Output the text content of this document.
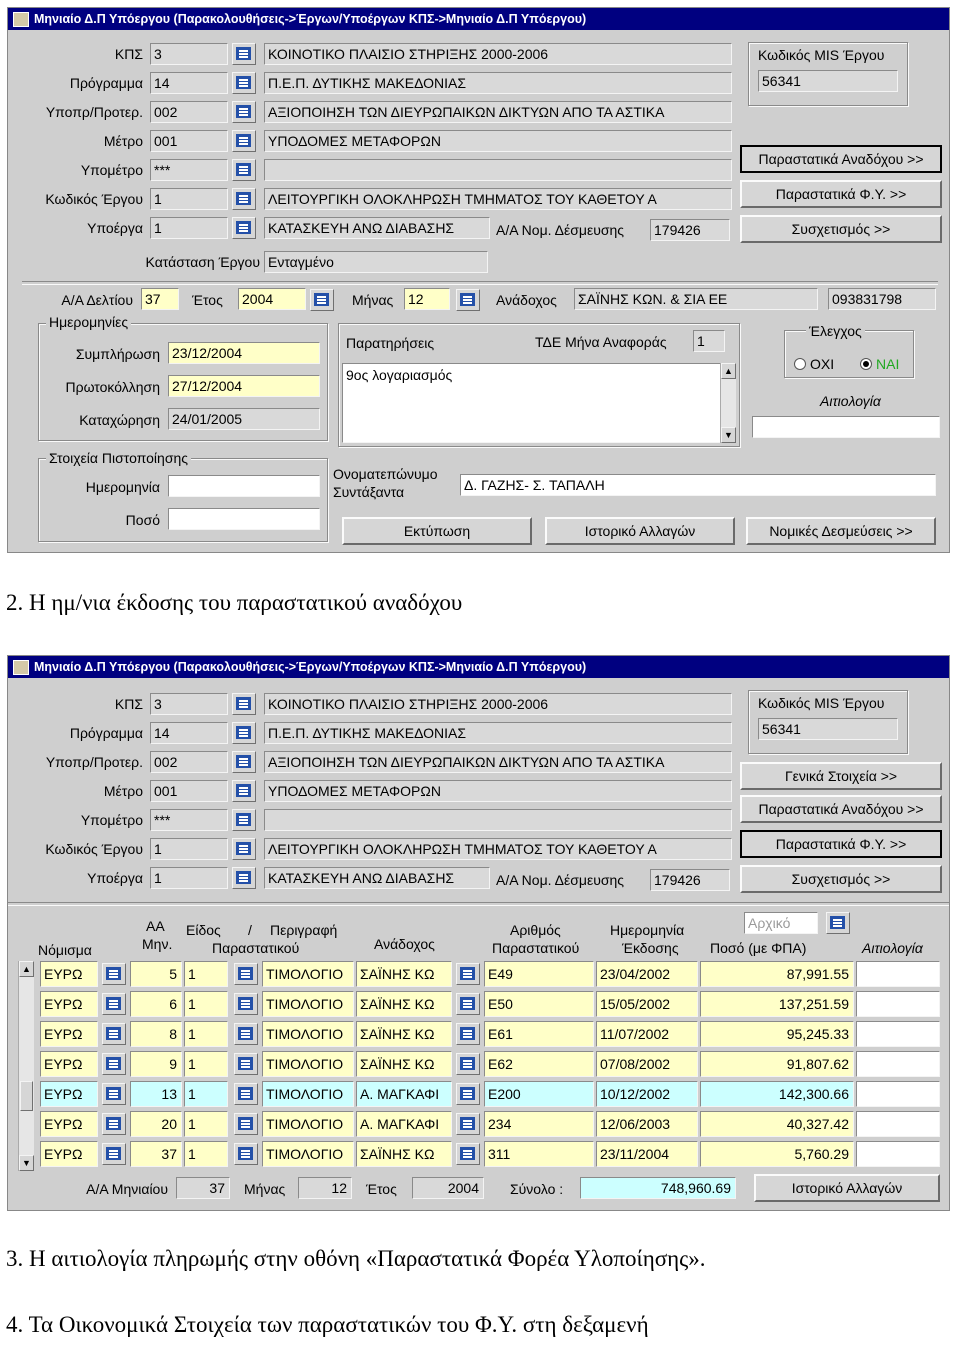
Μηνιαίο Δ.Π Υπόεργου (Παρακολουθήσεις->Έργων/Υποέργων ΚΠΣ->Μηνιαίο Δ.Π Υπόεργου)
ΚΠΣ 3	ΚΟΙΝΟΤΙΚΟ ΠΛΑΙΣΙΟ ΣΤΗΡΙΞΗΣ 2000-2006
Πρόγραμμα 14	Π.Ε.Π. ΔΥΤΙΚΗΣ ΜΑΚΕΔΟΝΙΑΣ
Υποπρ/Προτερ. 002	ΑΞΙΟΠΟΙΗΣΗ ΤΩΝ ΔΙΕΥΡΩΠΑΙΚΩΝ ΔΙΚΤΥΩΝ ΑΠΟ ΤΑ ΑΣΤΙΚΑ
Μέτρο 001	ΥΠΟΔΟΜΕΣ ΜΕΤΑΦΟΡΩΝ
Υπομέτρο ***
Κωδικός Έργου 1	ΛΕΙΤΟΥΡΓΙΚΗ ΟΛΟΚΛΗΡΩΣΗ ΤΜΗΜΑΤΟΣ ΤΟΥ ΚΑΘΕΤΟΥ Α
Υποέργα 1	ΚΑΤΑΣΚΕΥΗ ΑΝΩ ΔΙΑΒΑΣΗΣ
Κωδικός MIS Έργου
56341
Παραστατικά Αναδόχου >>
Παραστατικά Φ.Υ. >>
Συσχετισμός >>
Α/Α Νομ. Δέσμευσης 179426
Κατάσταση Έργου Ενταγμένο
Α/Α Δελτίου 37	Έτος 2004	Μήνας 12	Ανάδοχος ΣΑΪΝΗΣ ΚΩΝ. & ΣΙΑ ΕΕ	093831798
Ημερομηνίες
Συμπλήρωση 23/12/2004
Πρωτοκόλληση 27/12/2004
Καταχώρηση 24/01/2005
Παρατηρήσεις	ΤΔΕ Μήνα Αναφοράς 1
9ος λογαριασμός	▲
▼
Έλεγχος
ΟΧΙ	ΝΑΙ
Αιτιολογία
Στοιχεία Πιστοποίησης
Ημερομηνία
Ποσό
Ονοματεπώνυμο
Συντάξαντα	Δ. ΓΑΖΗΣ- Σ. ΤΑΠΑΛΗ
Εκτύπωση	Ιστορικό Αλλαγών	Νομικές Δεσμεύσεις >>
2. Η ημ/νια έκδοσης του παραστατικού αναδόχου
Μηνιαίο Δ.Π Υπόεργου (Παρακολουθήσεις->Έργων/Υποέργων ΚΠΣ->Μηνιαίο Δ.Π Υπόεργου)
ΚΠΣ 3	ΚΟΙΝΟΤΙΚΟ ΠΛΑΙΣΙΟ ΣΤΗΡΙΞΗΣ 2000-2006
Πρόγραμμα 14	Π.Ε.Π. ΔΥΤΙΚΗΣ ΜΑΚΕΔΟΝΙΑΣ
Υποπρ/Προτερ. 002	ΑΞΙΟΠΟΙΗΣΗ ΤΩΝ ΔΙΕΥΡΩΠΑΙΚΩΝ ΔΙΚΤΥΩΝ ΑΠΟ ΤΑ ΑΣΤΙΚΑ
Μέτρο 001	ΥΠΟΔΟΜΕΣ ΜΕΤΑΦΟΡΩΝ
Υπομέτρο ***
Κωδικός Έργου 1	ΛΕΙΤΟΥΡΓΙΚΗ ΟΛΟΚΛΗΡΩΣΗ ΤΜΗΜΑΤΟΣ ΤΟΥ ΚΑΘΕΤΟΥ Α
Υποέργα 1	ΚΑΤΑΣΚΕΥΗ ΑΝΩ ΔΙΑΒΑΣΗΣ
Κωδικός MIS Έργου
56341
Γενικά Στοιχεία >>
Παραστατικά Αναδόχου >>
Παραστατικά Φ.Υ. >>
Συσχετισμός >>
Α/Α Νομ. Δέσμευσης 179426
Νόμισμα
ΑΑ
Μην.
Είδος / Περιγραφή
Παραστατικού	Ανάδοχος
Αριθμός
Παραστατικού
Ημερομηνία
Έκδοσης Ποσό (με ΦΠΑ)	Αιτιολογία
Αρχικό
▲
▼
ΕΥΡΩ	5 1	ΤΙΜΟΛΟΓΙΟ	ΣΑΪΝΗΣ ΚΩ	Ε49	23/04/2002	87,991.55
ΕΥΡΩ	6 1	ΤΙΜΟΛΟΓΙΟ	ΣΑΪΝΗΣ ΚΩ	Ε50	15/05/2002	137,251.59
ΕΥΡΩ	8 1	ΤΙΜΟΛΟΓΙΟ	ΣΑΪΝΗΣ ΚΩ	Ε61	11/07/2002	95,245.33
ΕΥΡΩ	9 1	ΤΙΜΟΛΟΓΙΟ	ΣΑΪΝΗΣ ΚΩ	Ε62	07/08/2002	91,807.62
ΕΥΡΩ	13 1	ΤΙΜΟΛΟΓΙΟ	Α. ΜΑΓΚΑΦΙ	Ε200	10/12/2002	142,300.66
ΕΥΡΩ	20 1	ΤΙΜΟΛΟΓΙΟ	Α. ΜΑΓΚΑΦΙ	234	12/06/2003	40,327.42
ΕΥΡΩ	37 1	ΤΙΜΟΛΟΓΙΟ	ΣΑΪΝΗΣ ΚΩ	311	23/11/2004	5,760.29
Α/Α Μηνιαίου	37	Μήνας	12	Έτος	2004	Σύνολο :	748,960.69	Ιστορικό Αλλαγών
3. Η αιτιολογία πληρωμής στην οθόνη «Παραστατικά Φορέα Υλοποίησης».
4. Τα Οικονομικά Στοιχεία των παραστατικών του Φ.Υ. στη δεξαμενή
